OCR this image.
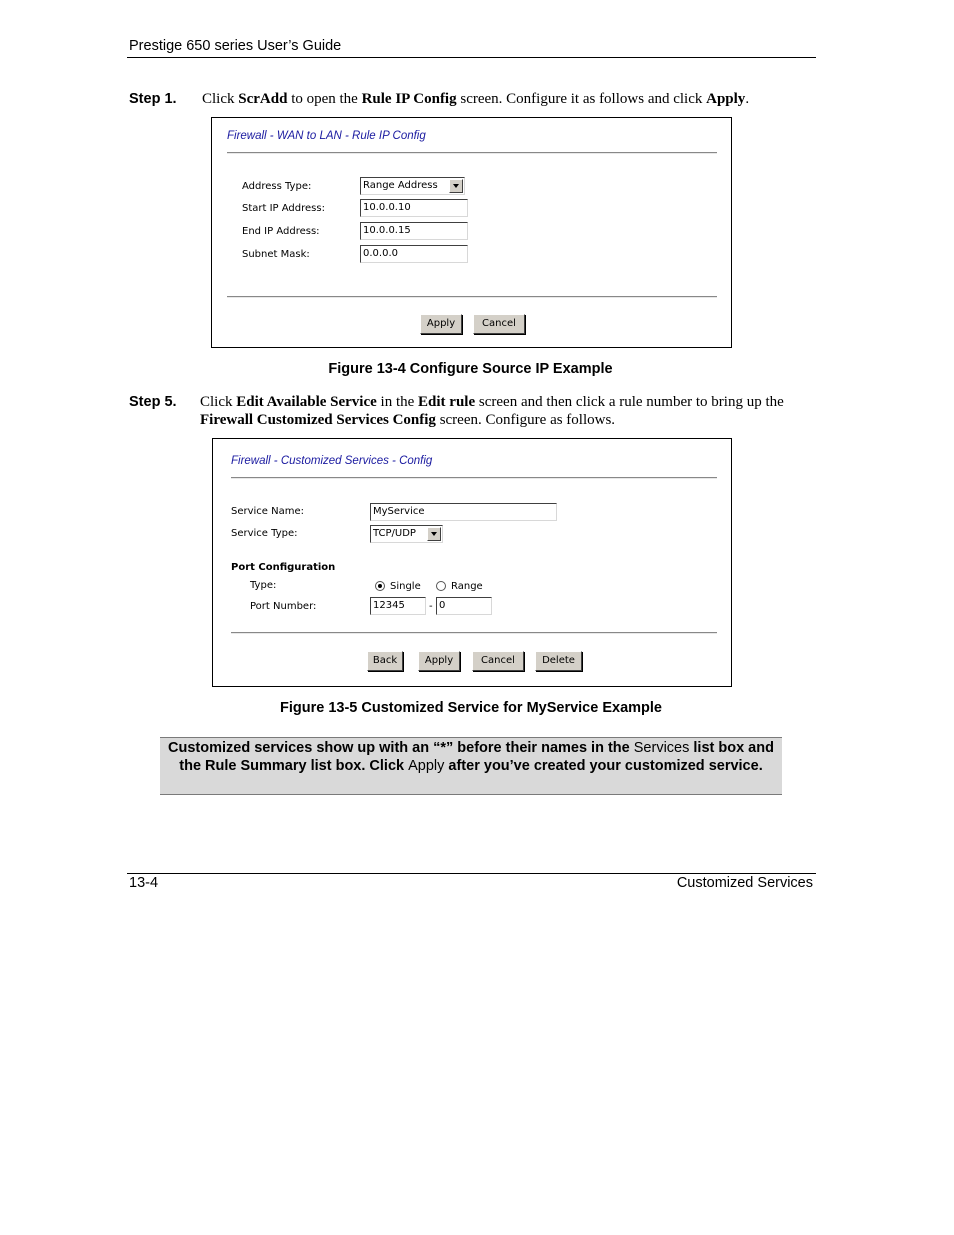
Prestige 650 series User’s Guide
Step 1. Click ScrAdd to open the Rule IP Config screen. Configure it as follows and click Apply.
Firewall - WAN to LAN - Rule IP Config
Address Type:	Range Address
Start IP Address:	10.0.0.10
End IP Address:	10.0.0.15
Subnet Mask:	0.0.0.0
Apply	Cancel
Figure 13-4 Configure Source IP Example
Step 5. Click Edit Available Service in the Edit rule screen and then click a rule number to bring up the
Firewall Customized Services Config screen. Configure as follows.
Firewall - Customized Services - Config
Service Name:	MyService
Service Type:	TCP/UDP
Port Configuration
Type:	Single	Range
Port Number:	12345	- 0
Back	Apply	Cancel	Delete
Figure 13-5 Customized Service for MyService Example
Customized services show up with an “*” before their names in the Services list box and the Rule Summary list box. Click Apply after you’ve created your customized service.
13-4	Customized Services
